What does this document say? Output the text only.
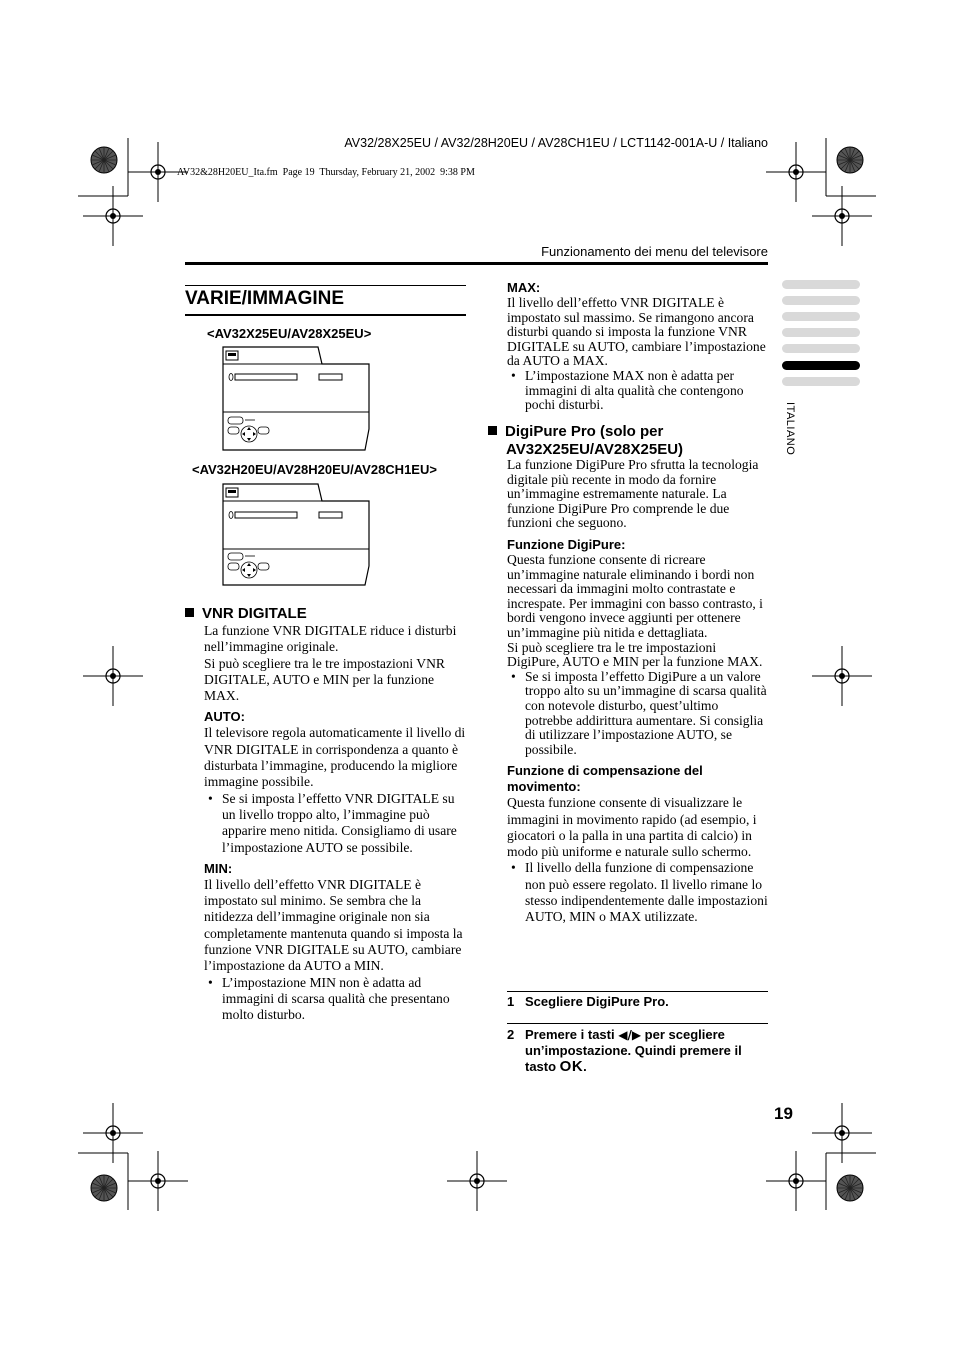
AV32/28X25EU / AV32/28H20EU / AV28CH1EU / LCT1142-001A-U / Italiano
AV32&28H20EU_Ita.fm  Page 19  Thursday, February 21, 2002  9:38 PM
Funzionamento dei menu del televisore
ITALIANO
VARIE/IMMAGINE
<AV32X25EU/AV28X25EU>
<AV32H20EU/AV28H20EU/AV28CH1EU>
VNR DIGITALE

La funzione VNR DIGITALE riduce i disturbi nell’immagine originale.

Si può scegliere tra le tre impostazioni VNR DIGITALE, AUTO e MIN per la funzione MAX.

AUTO:

Il televisore regola automaticamente il livello di VNR DIGITALE in corrispondenza a quanto è disturbata l’immagine, producendo la migliore immagine possibile.

• Se si imposta l’effetto VNR DIGITALE su un livello troppo alto, l’immagine può apparire meno nitida. Consigliamo di usare l’impostazione AUTO se possibile.

MIN:

Il livello dell’effetto VNR DIGITALE è impostato sul minimo. Se sembra che la nitidezza dell’immagine originale non sia completamente mantenuta quando si imposta la funzione VNR DIGITALE su AUTO, cambiare l’impostazione da AUTO a MIN.

• L’impostazione MIN non è adatta ad immagini di scarsa qualità che presentano molto disturbo.

MAX:

Il livello dell’effetto VNR DIGITALE è impostato sul massimo. Se rimangono ancora disturbi quando si imposta la funzione VNR DIGITALE su AUTO, cambiare l’impostazione da AUTO a MAX.

• L’impostazione MAX non è adatta per immagini di alta qualità che contengono pochi disturbi.
DigiPure Pro (solo per
AV32X25EU/AV28X25EU)

La funzione DigiPure Pro sfrutta la tecnologia digitale più recente in modo da fornire un’immagine estremamente naturale. La funzione DigiPure Pro comprende le due funzioni che seguono.

Funzione DigiPure:

Questa funzione consente di ricreare un’immagine naturale eliminando i bordi non necessari da immagini molto contrastate e increspate. Per immagini con basso contrasto, i bordi vengono invece aggiunti per ottenere un’immagine più nitida e dettagliata.

Si può scegliere tra le tre impostazioni DigiPure, AUTO e MIN per la funzione MAX.

• Se si imposta l’effetto DigiPure a un valore troppo alto su un’immagine di scarsa qualità con notevole disturbo, quest’ultimo potrebbe addirittura aumentare. Si consiglia di utilizzare l’impostazione AUTO, se possibile.

Funzione di compensazione del
movimento:

Questa funzione consente di visualizzare le immagini in movimento rapido (ad esempio, i giocatori o la palla in una partita di calcio) in modo più uniforme e naturale sullo schermo.

• Il livello della funzione di compensazione non può essere regolato. Il livello rimane lo stesso indipendentemente dalle impostazioni AUTO, MIN o MAX utilizzate.
1 Scegliere DigiPure Pro.
2 Premere i tasti ◀/▶ per scegliere un’impostazione. Quindi premere il tasto OK.
19
